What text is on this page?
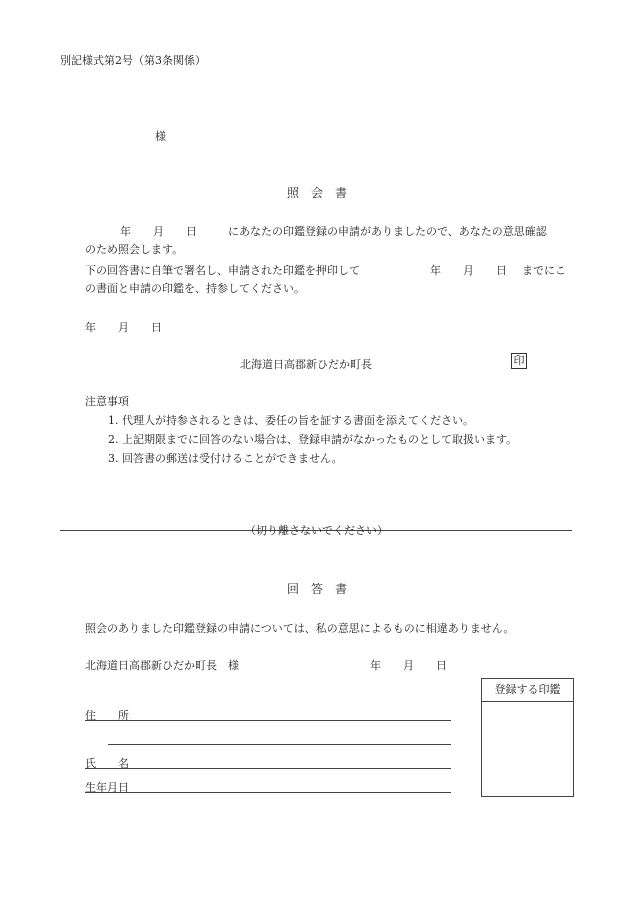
別記様式第2号（第3条関係）
様
照　会　書
年　　月　　日	にあなたの印鑑登録の申請がありましたので、あなたの意思確認
のため照会します。
下の回答書に自筆で署名し、申請された印鑑を押印して	年　　月　　日 までにこ
の書面と申請の印鑑を、持参してください。
年　　月　　日
北海道日高郡新ひだか町長	印
注意事項
1. 代理人が持参されるときは、委任の旨を証する書面を添えてください。
2. 上記期限までに回答のない場合は、登録申請がなかったものとして取扱います。
3. 回答書の郵送は受付けることができません。
（切り離さないでください）
回　答　書
照会のありました印鑑登録の申請については、私の意思によるものに相違ありません。
北海道日高郡新ひだか町長　様	年　　月　　日
登録する印鑑
住　　所
氏　　名
生年月日
